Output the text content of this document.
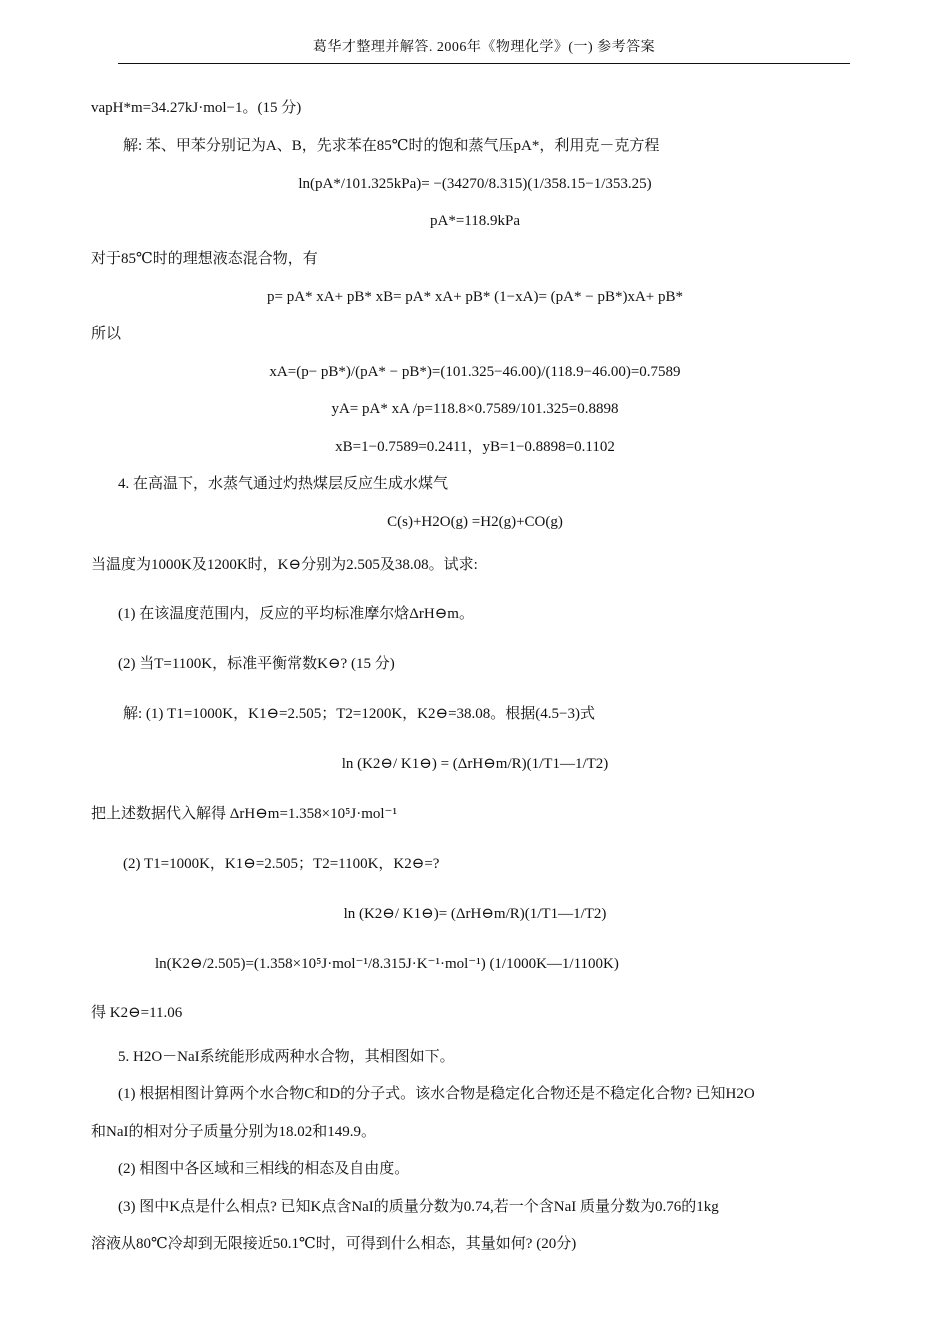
葛华才整理并解答. 2006年《物理化学》(一) 参考答案
vapH*m=34.27kJ·mol−1。(15 分)
解: 苯、甲苯分别记为A、B，先求苯在85℃时的饱和蒸气压pA*，利用克－克方程
ln(pA*/101.325kPa)= −(34270/8.315)(1/358.15−1/353.25)
pA*=118.9kPa
对于85℃时的理想液态混合物，有
p= pA* xA+ pB* xB= pA* xA+ pB* (1−xA)= (pA* − pB*)xA+ pB*
所以
xA=(p− pB*)/(pA* − pB*)=(101.325−46.00)/(118.9−46.00)=0.7589
yA= pA* xA /p=118.8×0.7589/101.325=0.8898
xB=1−0.7589=0.2411，yB=1−0.8898=0.1102
4. 在高温下，水蒸气通过灼热煤层反应生成水煤气
C(s)+H2O(g) =H2(g)+CO(g)
当温度为1000K及1200K时，K⊖分别为2.505及38.08。试求:
(1) 在该温度范围内，反应的平均标准摩尔焓ΔrH⊖m。
(2) 当T=1100K，标准平衡常数K⊖? (15 分)
解: (1) T1=1000K，K1⊖=2.505；T2=1200K，K2⊖=38.08。根据(4.5−3)式
ln (K2⊖/ K1⊖) = (ΔrH⊖m/R)(1/T1—1/T2)
把上述数据代入解得 ΔrH⊖m=1.358×10⁵J·mol⁻¹
(2) T1=1000K，K1⊖=2.505；T2=1100K，K2⊖=?
ln (K2⊖/ K1⊖)= (ΔrH⊖m/R)(1/T1—1/T2)
ln(K2⊖/2.505)=(1.358×10⁵J·mol⁻¹/8.315J·K⁻¹·mol⁻¹) (1/1000K—1/1100K)
得 K2⊖=11.06
5. H2O－NaI系统能形成两种水合物，其相图如下。
(1) 根据相图计算两个水合物C和D的分子式。该水合物是稳定化合物还是不稳定化合物? 已知H2O
和NaI的相对分子质量分别为18.02和149.9。
(2) 相图中各区域和三相线的相态及自由度。
(3) 图中K点是什么相点? 已知K点含NaI的质量分数为0.74,若一个含NaI 质量分数为0.76的1kg
溶液从80℃冷却到无限接近50.1℃时，可得到什么相态，其量如何? (20分)
